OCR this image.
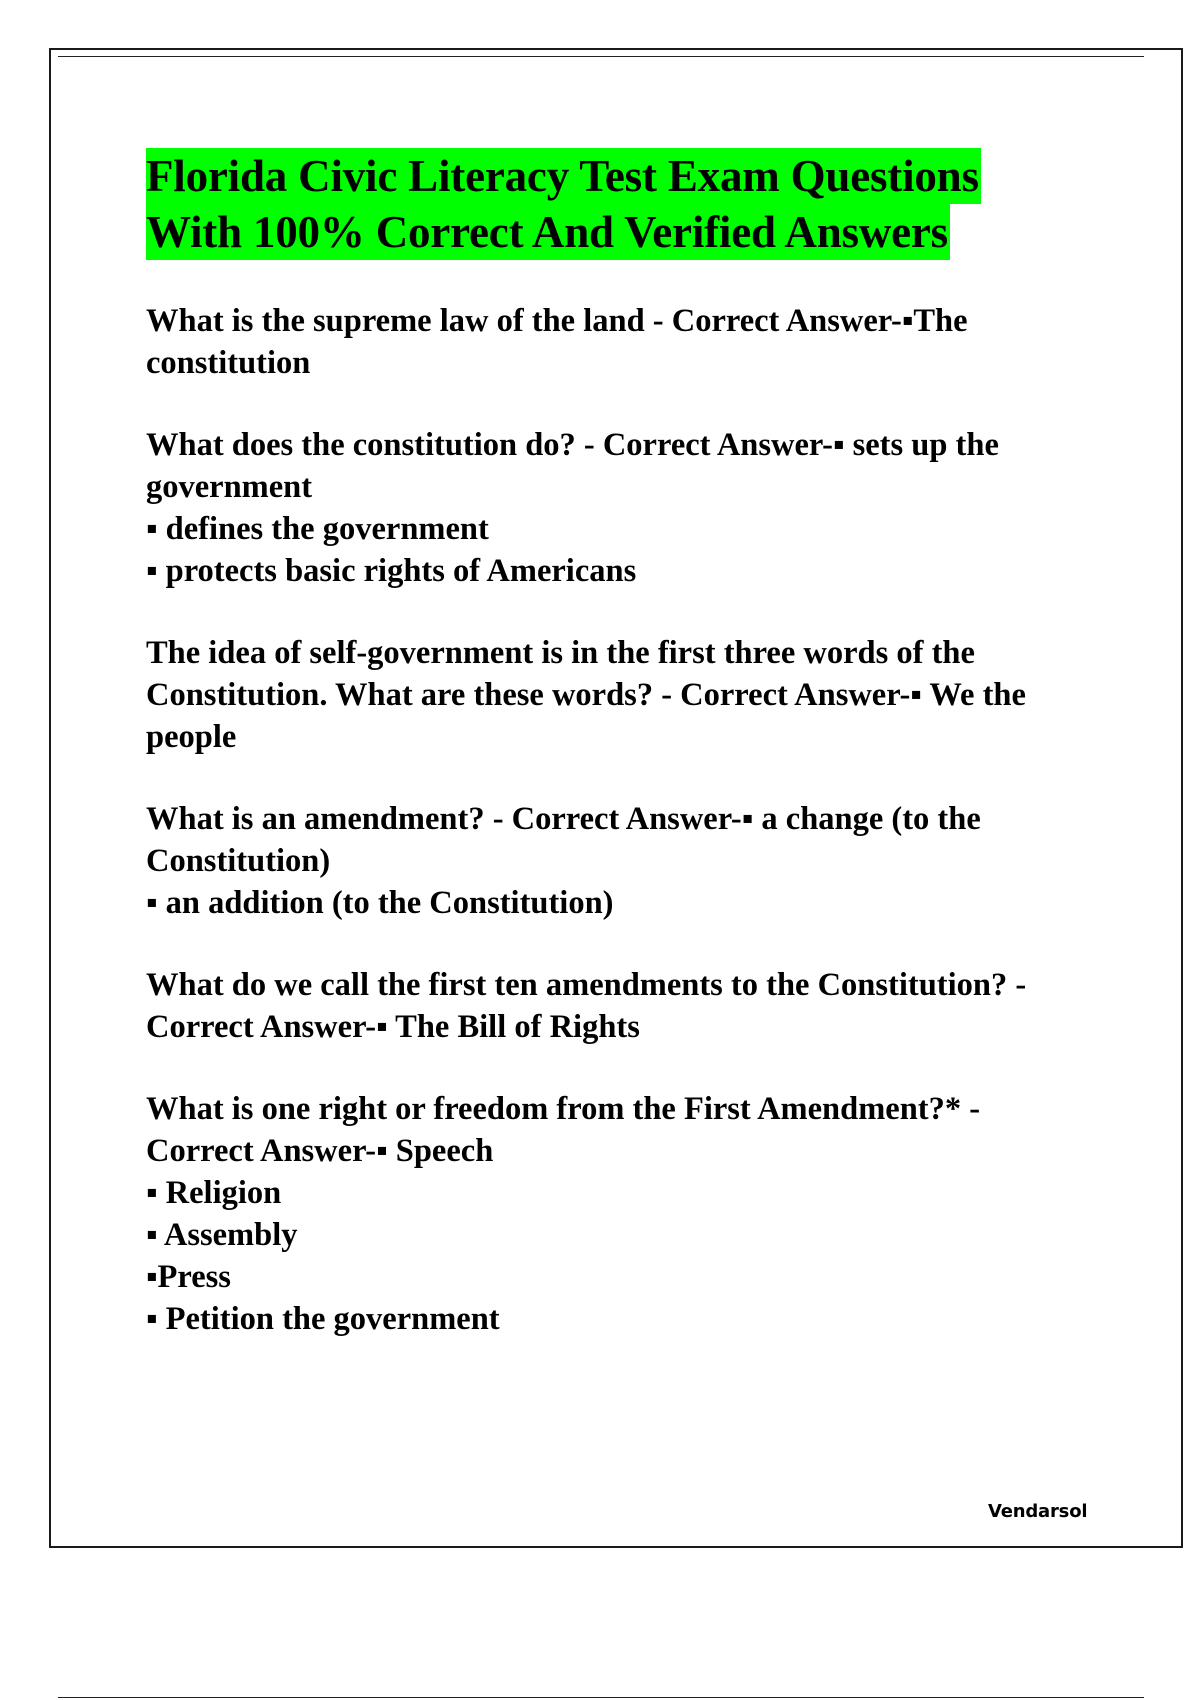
Florida Civic Literacy Test Exam Questions
With 100% Correct And Verified Answers
What is the supreme law of the land - Correct Answer-▪The constitution
What does the constitution do? - Correct Answer-▪ sets up the government
▪ defines the government
▪ protects basic rights of Americans
The idea of self-government is in the first three words of the Constitution. What are these words? - Correct Answer-▪ We the people
What is an amendment? - Correct Answer-▪ a change (to the Constitution)
▪ an addition (to the Constitution)
What do we call the first ten amendments to the Constitution? - Correct Answer-▪ The Bill of Rights
What is one right or freedom from the First Amendment?* - Correct Answer-▪ Speech
▪ Religion
▪ Assembly
▪Press
▪ Petition the government
Vendarsol
